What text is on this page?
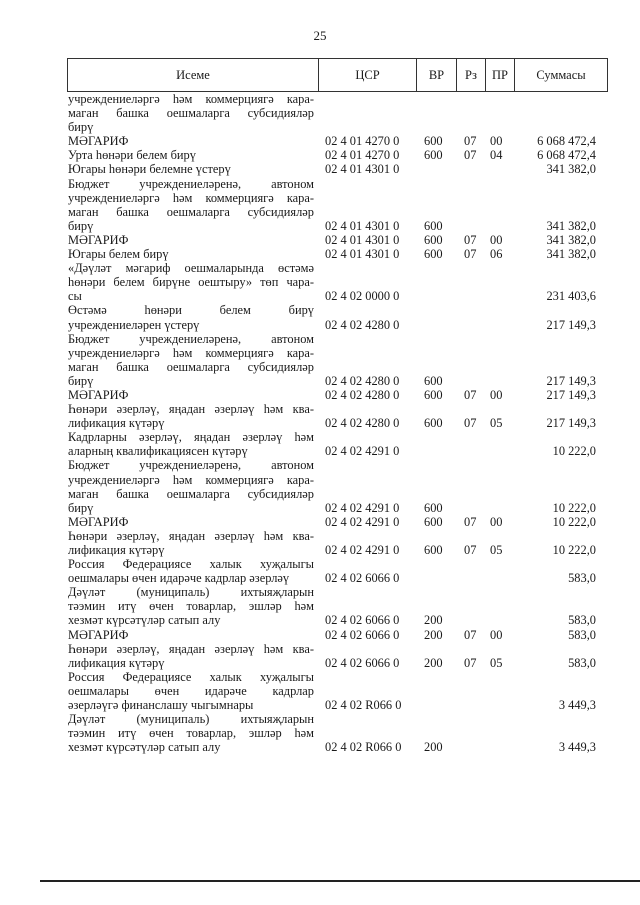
25
Исеме	ЦСР	ВР	Рз	ПР	Суммасы
учреждениеләргә һәм коммерциягә кара-
маган башка оешмаларга субсидияләр
бирү
МӘГАРИФ	02 4 01 4270 0 600 07 00	6 068 472,4
Урта һөнәри белем бирү	02 4 01 4270 0 600 07 04	6 068 472,4
Югары һөнәри белемне үстерү	02 4 01 4301 0	341 382,0
Бюджет учреждениеләренә, автоном
учреждениеләргә һәм коммерциягә кара-
маган башка оешмаларга субсидияләр
бирү	02 4 01 4301 0 600	341 382,0
МӘГАРИФ	02 4 01 4301 0 600 07 00	341 382,0
Югары белем бирү	02 4 01 4301 0 600 07 06	341 382,0
«Дәүләт мәгариф оешмаларында өстәмә
һөнәри белем бирүне оештыру» төп чара-
сы	02 4 02 0000 0	231 403,6
Өстәмә һөнәри белем бирү
учреждениеләрен үстерү	02 4 02 4280 0	217 149,3
Бюджет учреждениеләренә, автоном
учреждениеләргә һәм коммерциягә кара-
маган башка оешмаларга субсидияләр
бирү	02 4 02 4280 0 600	217 149,3
МӘГАРИФ	02 4 02 4280 0 600 07 00	217 149,3
Һөнәри әзерләү, яңадан әзерләү һәм ква-
лификация күтәрү	02 4 02 4280 0 600 07 05	217 149,3
Кадрларны әзерләү, яңадан әзерләү һәм
аларның квалификациясен күтәрү	02 4 02 4291 0	10 222,0
Бюджет учреждениеләренә, автоном
учреждениеләргә һәм коммерциягә кара-
маган башка оешмаларга субсидияләр
бирү	02 4 02 4291 0 600	10 222,0
МӘГАРИФ	02 4 02 4291 0 600 07 00	10 222,0
Һөнәри әзерләү, яңадан әзерләү һәм ква-
лификация күтәрү	02 4 02 4291 0 600 07 05	10 222,0
Россия Федерациясе халык хуҗалыгы
оешмалары өчен идарәче кадрлар әзерләү	02 4 02 6066 0	583,0
Дәүләт (муниципаль) ихтыяҗларын
тәэмин итү өчен товарлар, эшләр һәм
хезмәт күрсәтүләр сатып алу	02 4 02 6066 0 200	583,0
МӘГАРИФ	02 4 02 6066 0 200 07 00	583,0
Һөнәри әзерләү, яңадан әзерләү һәм ква-
лификация күтәрү	02 4 02 6066 0 200 07 05	583,0
Россия Федерациясе халык хуҗалыгы
оешмалары өчен идарәче кадрлар
әзерләүгә финанслашу чыгымнары	02 4 02 R066 0	3 449,3
Дәүләт (муниципаль) ихтыяҗларын
тәэмин итү өчен товарлар, эшләр һәм
хезмәт күрсәтүләр сатып алу	02 4 02 R066 0 200	3 449,3
